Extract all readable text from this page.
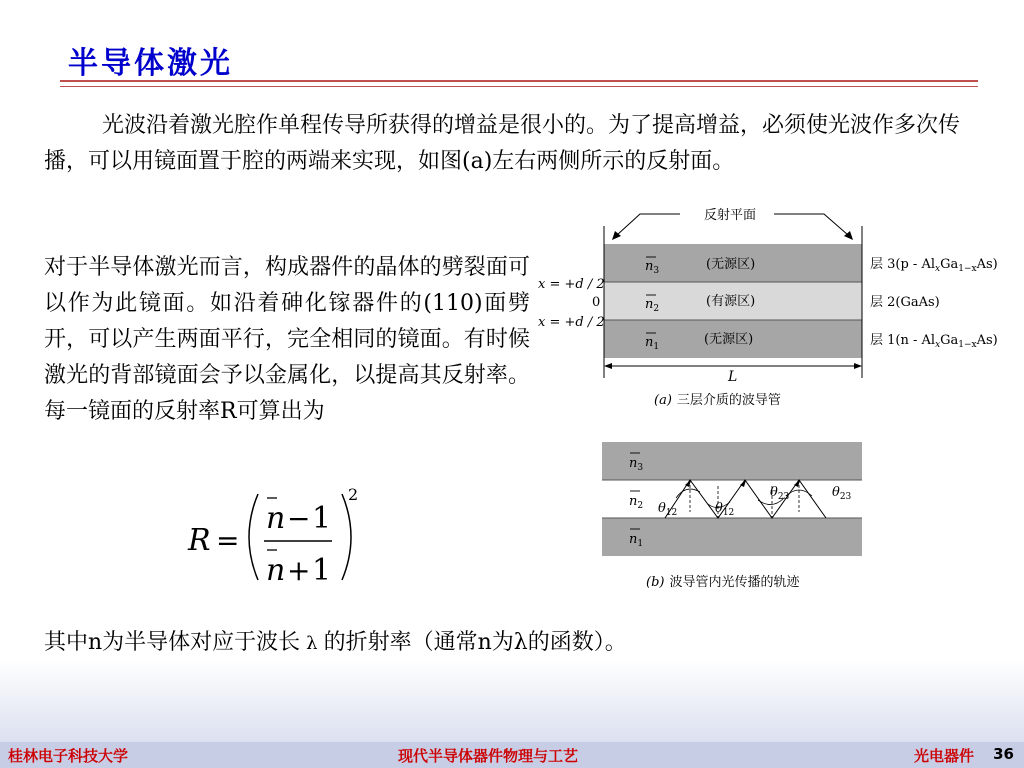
半导体激光
光波沿着激光腔作单程传导所获得的增益是很小的。为了提高增益，必须使光波作多次传播，可以用镜面置于腔的两端来实现，如图(a)左右两侧所示的反射面。
对于半导体激光而言，构成器件的晶体的劈裂面可以作为此镜面。如沿着砷化镓器件的(110)面劈开，可以产生两面平行，完全相同的镜面。有时候激光的背部镜面会予以金属化，以提高其反射率。每一镜面的反射率R可算出为
R =
n − 1
n + 1
2
反射平面
$n_3$
$n_2$
$n_1$
(无源区)
(有源区)
(无源区)
x = +d / 2
0
x = +d / 2
层 $3(p - Al_xGa_{1-x}As)$
层 2(GaAs)
层 $1(n - Al_xGa_{1-x}As)$
L
(a) 三层介质的波导管
$n_3$
$n_2$
$n_1$
$\theta_{23}$	$\theta_{23}$
$\theta_{12}$	$\theta_{12}$
(b) 波导管内光传播的轨迹
其中n为半导体对应于波长 λ 的折射率（通常n为λ的函数）。
桂林电子科技大学	现代半导体器件物理与工艺	光电器件 36
